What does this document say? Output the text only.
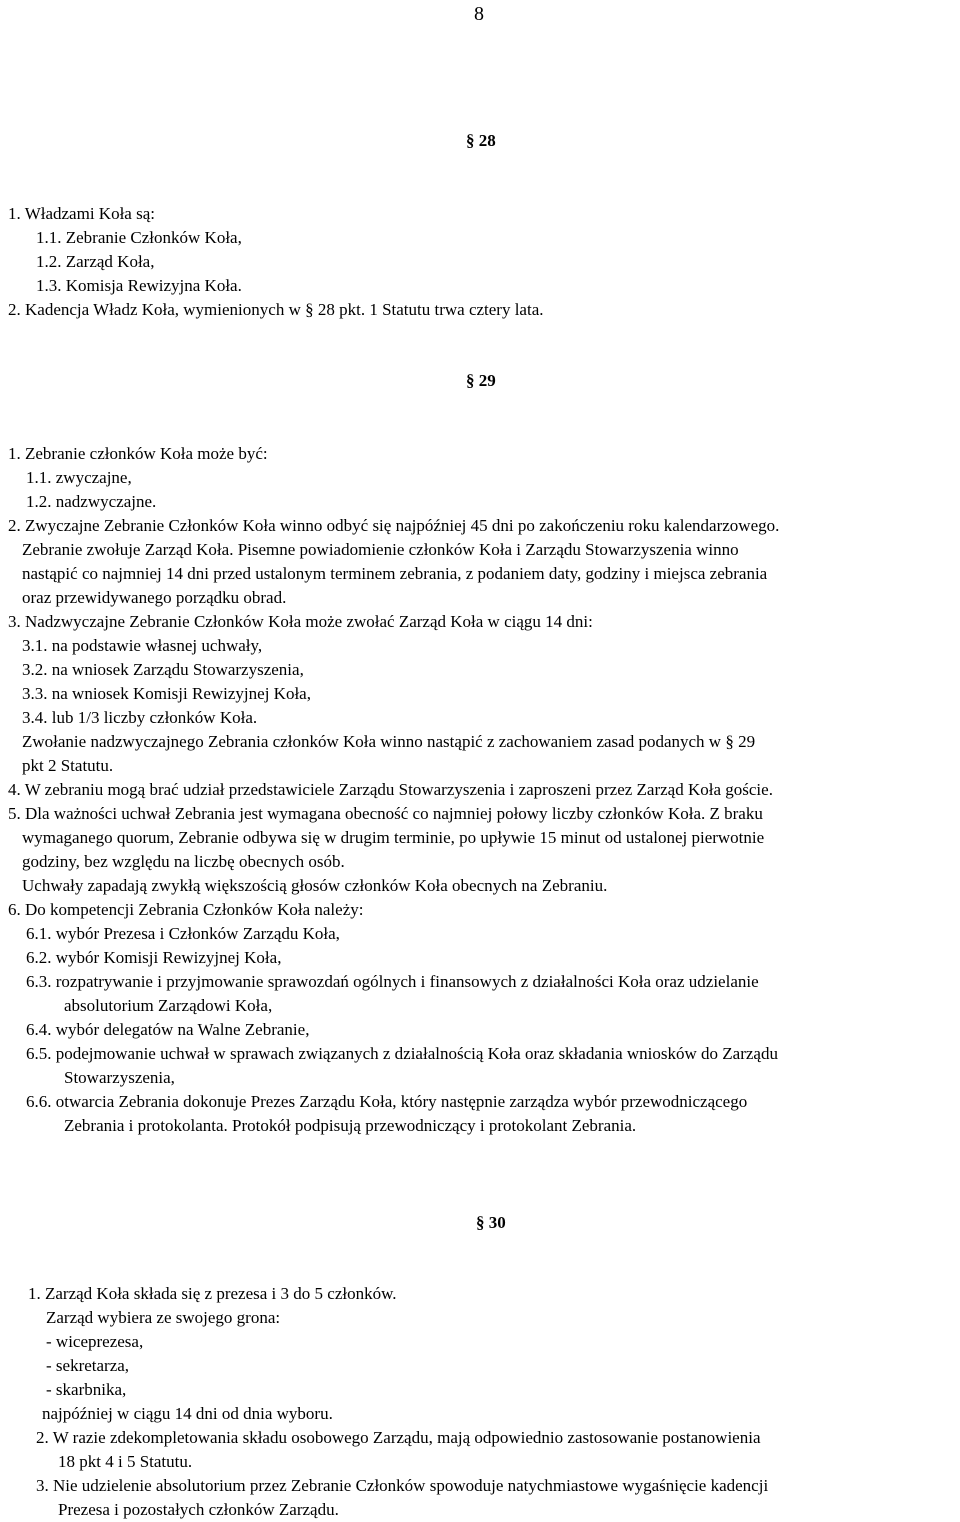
8
§ 28
1. Władzami Koła są:
1.1. Zebranie Członków Koła,
1.2. Zarząd Koła,
1.3. Komisja Rewizyjna Koła.
2. Kadencja Władz Koła, wymienionych w § 28 pkt. 1 Statutu trwa cztery lata.
§ 29
1. Zebranie członków Koła może być:
1.1. zwyczajne,
1.2. nadzwyczajne.
2. Zwyczajne Zebranie Członków Koła winno odbyć się najpóźniej 45 dni po zakończeniu roku kalendarzowego.
Zebranie zwołuje Zarząd Koła. Pisemne powiadomienie członków Koła i Zarządu Stowarzyszenia winno
nastąpić co najmniej 14 dni przed ustalonym terminem zebrania, z podaniem daty, godziny i miejsca zebrania
oraz przewidywanego porządku obrad.
3. Nadzwyczajne Zebranie Członków Koła może zwołać Zarząd Koła w ciągu 14 dni:
3.1. na podstawie własnej uchwały,
3.2. na wniosek Zarządu Stowarzyszenia,
3.3. na wniosek Komisji Rewizyjnej Koła,
3.4. lub 1/3 liczby członków Koła.
Zwołanie nadzwyczajnego Zebrania członków Koła winno nastąpić z zachowaniem zasad podanych w § 29
pkt 2 Statutu.
4. W zebraniu mogą brać udział przedstawiciele Zarządu Stowarzyszenia i zaproszeni przez Zarząd Koła goście.
5. Dla ważności uchwał Zebrania jest wymagana obecność co najmniej połowy liczby członków Koła. Z braku
wymaganego quorum, Zebranie odbywa się w drugim terminie, po upływie 15 minut od ustalonej pierwotnie
godziny, bez względu na liczbę obecnych osób.
Uchwały zapadają zwykłą większością głosów członków Koła obecnych na Zebraniu.
6. Do kompetencji Zebrania Członków Koła należy:
6.1. wybór Prezesa i Członków Zarządu Koła,
6.2. wybór Komisji Rewizyjnej Koła,
6.3. rozpatrywanie i przyjmowanie sprawozdań ogólnych i finansowych z działalności Koła oraz udzielanie
absolutorium Zarządowi Koła,
6.4. wybór delegatów na Walne Zebranie,
6.5. podejmowanie uchwał w sprawach związanych z działalnością Koła oraz składania wniosków do Zarządu
Stowarzyszenia,
6.6. otwarcia Zebrania dokonuje Prezes Zarządu Koła, który następnie zarządza wybór przewodniczącego
Zebrania i protokolanta. Protokół podpisują przewodniczący i protokolant Zebrania.
§ 30
1. Zarząd Koła składa się z prezesa i 3 do 5 członków.
Zarząd wybiera ze swojego grona:
- wiceprezesa,
- sekretarza,
- skarbnika,
najpóźniej w ciągu 14 dni od dnia wyboru.
2. W razie zdekompletowania składu osobowego Zarządu, mają odpowiednio zastosowanie postanowienia
18 pkt 4 i 5 Statutu.
3. Nie udzielenie absolutorium przez Zebranie Członków spowoduje natychmiastowe wygaśnięcie kadencji
Prezesa i pozostałych członków Zarządu.
